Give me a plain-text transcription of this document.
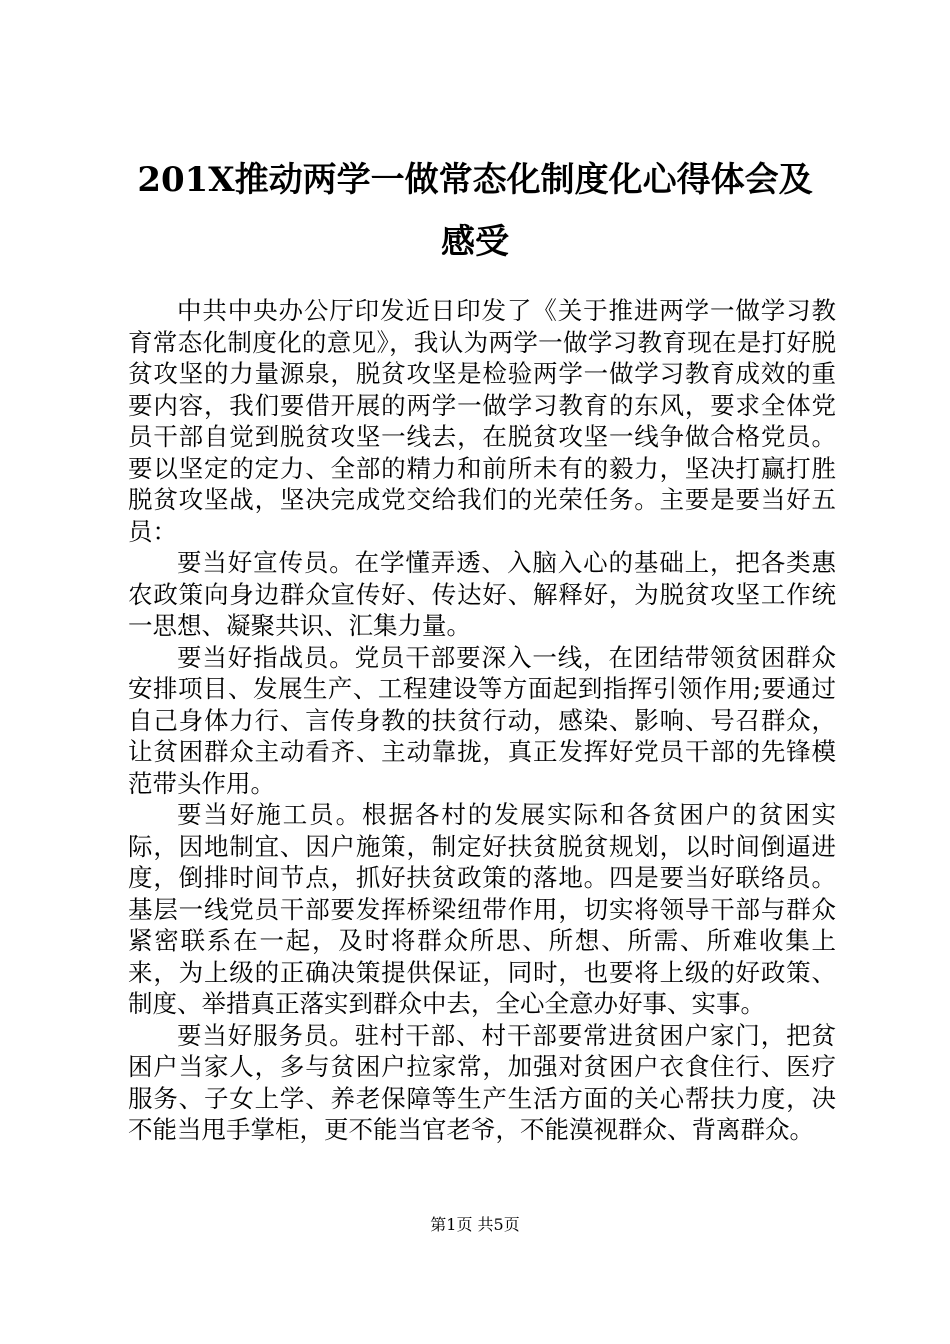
201X推动两学一做常态化制度化心得体会及
感受

中共中央办公厅印发近日印发了《关于推进两学一做学习教育常态化制度化的意见》，我认为两学一做学习教育现在是打好脱贫攻坚的力量源泉，脱贫攻坚是检验两学一做学习教育成效的重要内容，我们要借开展的两学一做学习教育的东风，要求全体党员干部自觉到脱贫攻坚一线去，在脱贫攻坚一线争做合格党员。要以坚定的定力、全部的精力和前所未有的毅力，坚决打赢打胜脱贫攻坚战，坚决完成党交给我们的光荣任务。主要是要当好五员：

要当好宣传员。在学懂弄透、入脑入心的基础上，把各类惠农政策向身边群众宣传好、传达好、解释好，为脱贫攻坚工作统一思想、凝聚共识、汇集力量。

要当好指战员。党员干部要深入一线，在团结带领贫困群众安排项目、发展生产、工程建设等方面起到指挥引领作用;要通过自己身体力行、言传身教的扶贫行动，感染、影响、号召群众，让贫困群众主动看齐、主动靠拢，真正发挥好党员干部的先锋模范带头作用。

要当好施工员。根据各村的发展实际和各贫困户的贫困实际，因地制宜、因户施策，制定好扶贫脱贫规划，以时间倒逼进度，倒排时间节点，抓好扶贫政策的落地。四是要当好联络员。基层一线党员干部要发挥桥梁纽带作用，切实将领导干部与群众紧密联系在一起，及时将群众所思、所想、所需、所难收集上来，为上级的正确决策提供保证，同时，也要将上级的好政策、制度、举措真正落实到群众中去，全心全意办好事、实事。

要当好服务员。驻村干部、村干部要常进贫困户家门，把贫困户当家人，多与贫困户拉家常，加强对贫困户衣食住行、医疗服务、子女上学、养老保障等生产生活方面的关心帮扶力度，决不能当甩手掌柜，更不能当官老爷，不能漠视群众、背离群众。

第1页 共5页
